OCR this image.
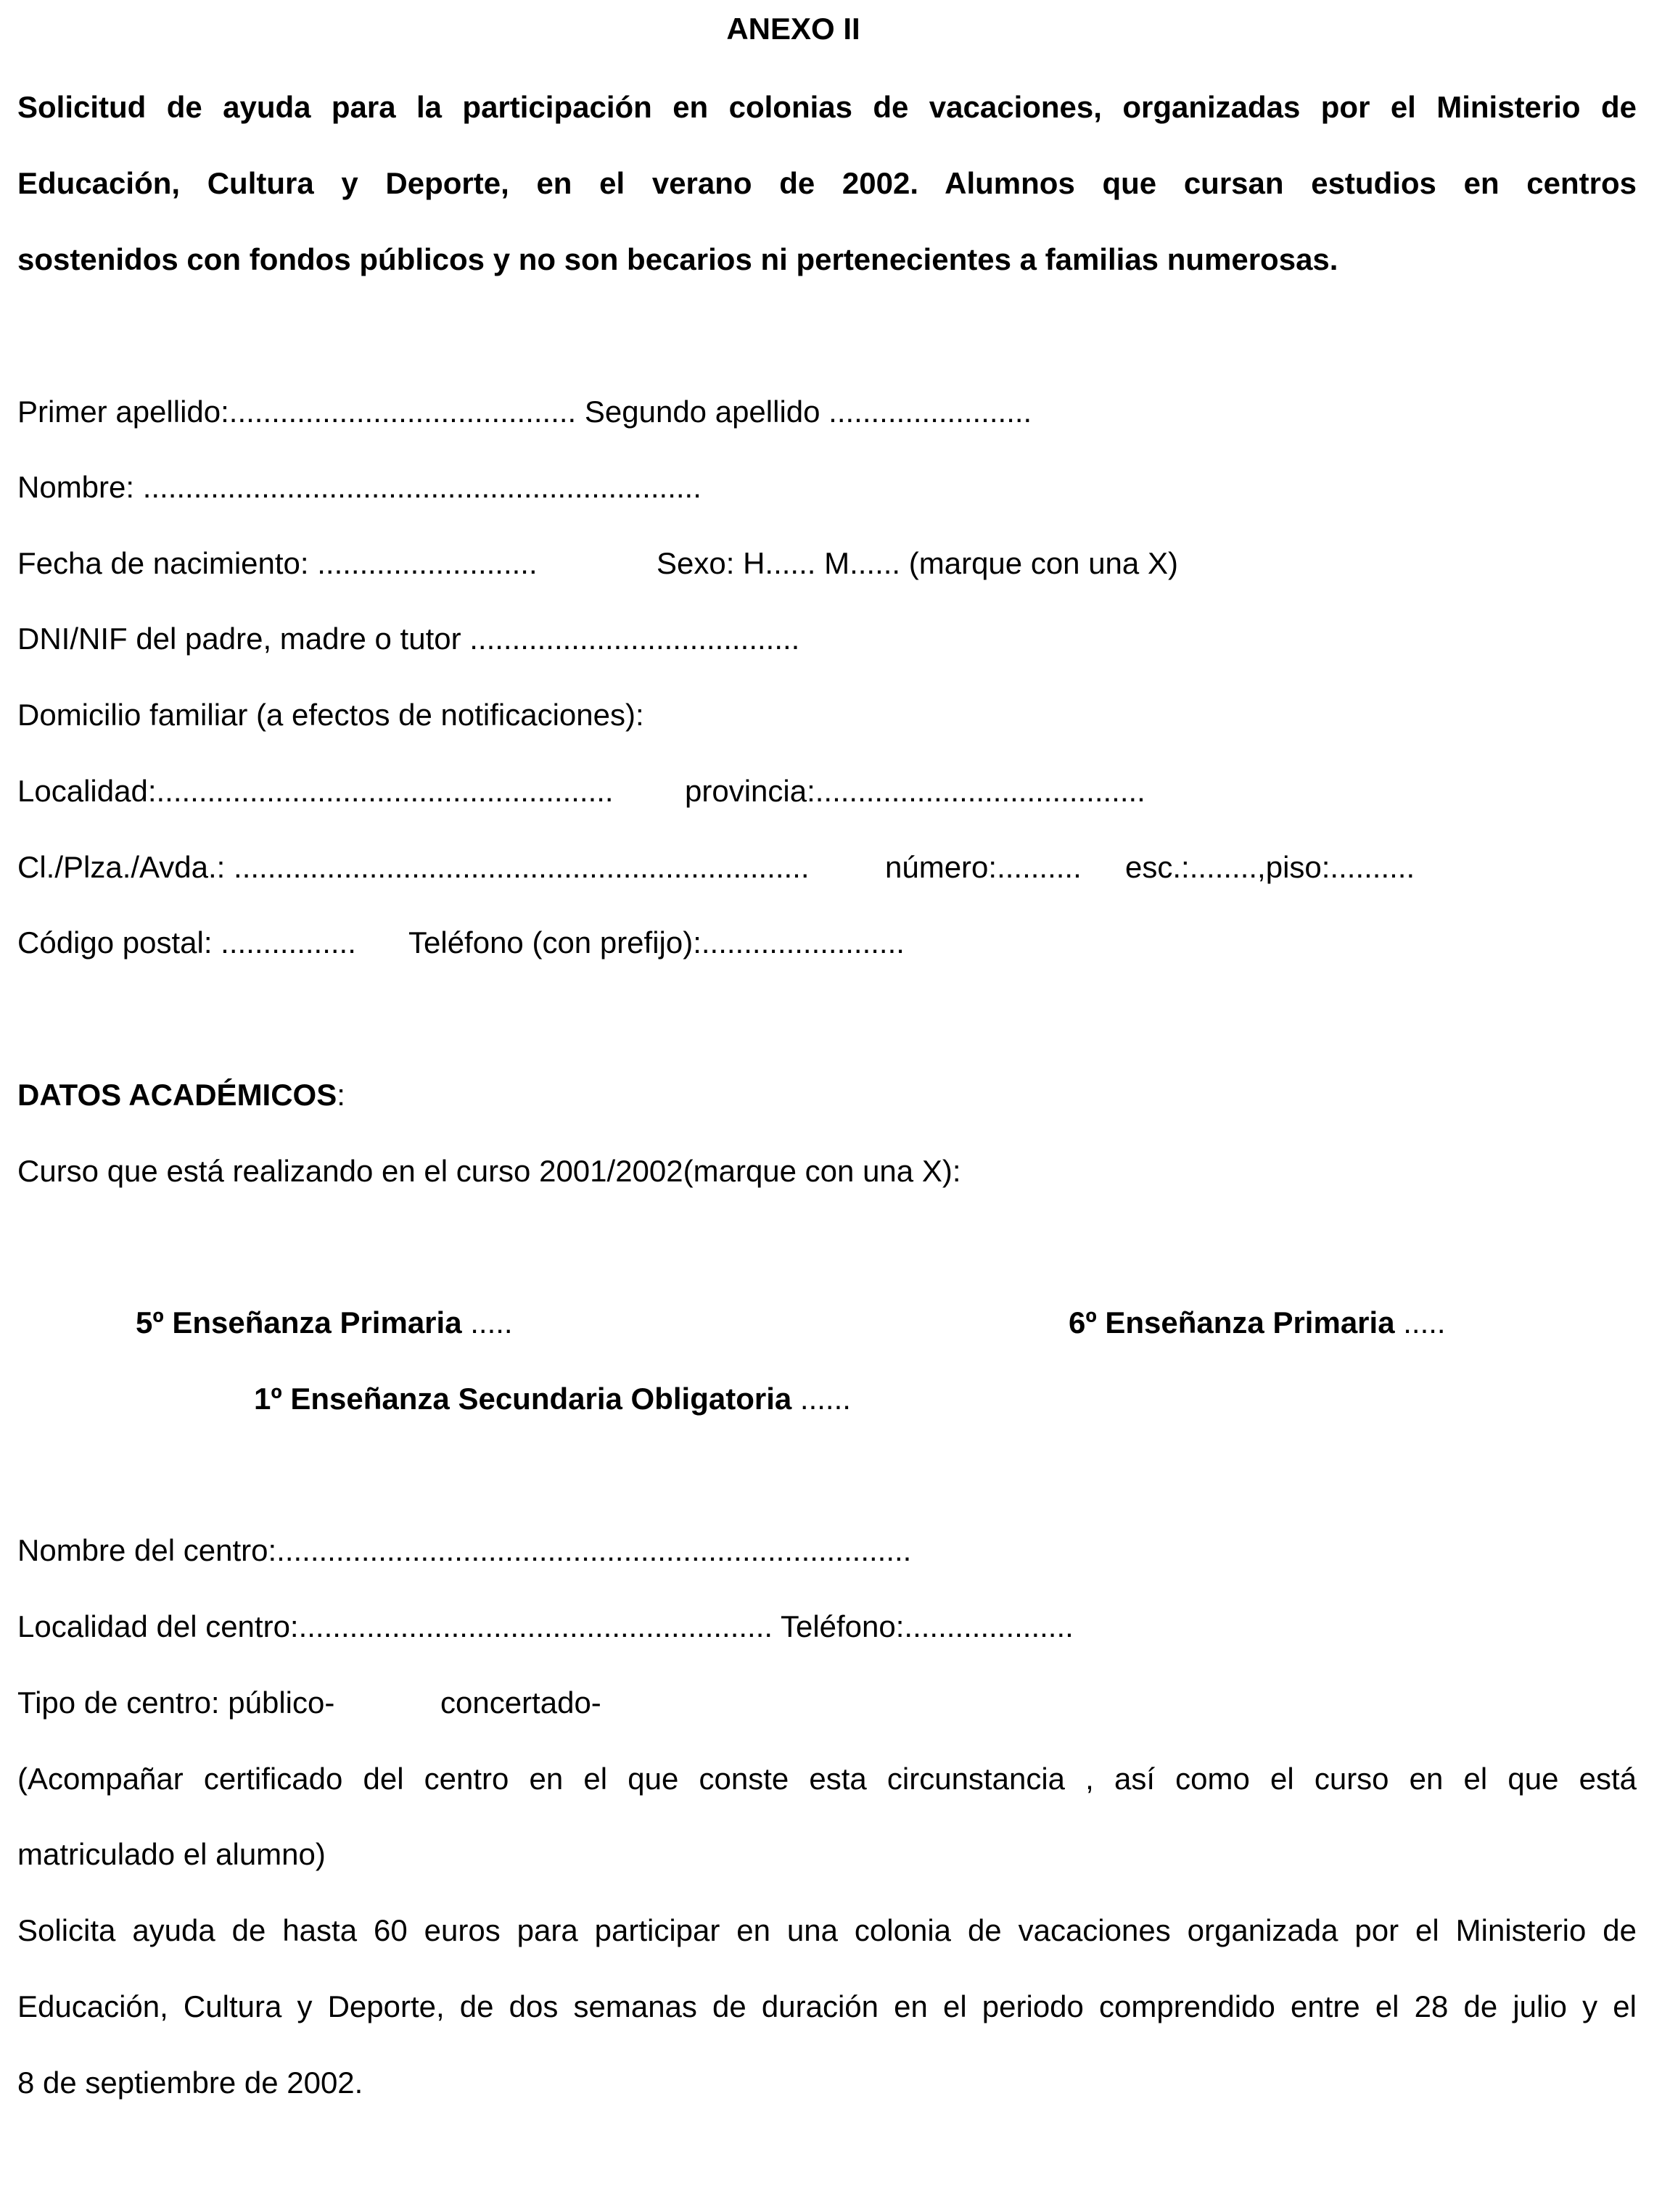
ANEXO II
Solicitud de ayuda para la participación en colonias de vacaciones, organizadas por el Ministerio de
Educación, Cultura y Deporte, en el verano de 2002. Alumnos que cursan estudios en centros
sostenidos con fondos públicos y no son becarios ni pertenecientes a familias numerosas.
Primer apellido:......................................... Segundo apellido ........................
Nombre: ..................................................................
Fecha de nacimiento: ..........................	Sexo: H...... M...... (marque con una X)
DNI/NIF del padre, madre o tutor .......................................
Domicilio familiar (a efectos de notificaciones):
Localidad:...................................................... provincia:.......................................
Cl./Plza./Avda.: .................................................................... número:.......... esc.:........,piso:..........
Código postal: ................ Teléfono (con prefijo):........................
DATOS ACADÉMICOS:
Curso que está realizando en el curso 2001/2002(marque con una X):
5º Enseñanza Primaria .....	6º Enseñanza Primaria .....
1º Enseñanza Secundaria Obligatoria ......
Nombre del centro:...........................................................................
Localidad del centro:........................................................ Teléfono:....................
Tipo de centro: público-	concertado-
(Acompañar certificado del centro en el que conste esta circunstancia , así como el curso en el que está
matriculado el alumno)
Solicita ayuda de hasta 60 euros para participar en una colonia de vacaciones organizada por el Ministerio de
Educación, Cultura y Deporte, de dos semanas de duración en el periodo comprendido entre el 28 de julio y el
8 de septiembre de 2002.
